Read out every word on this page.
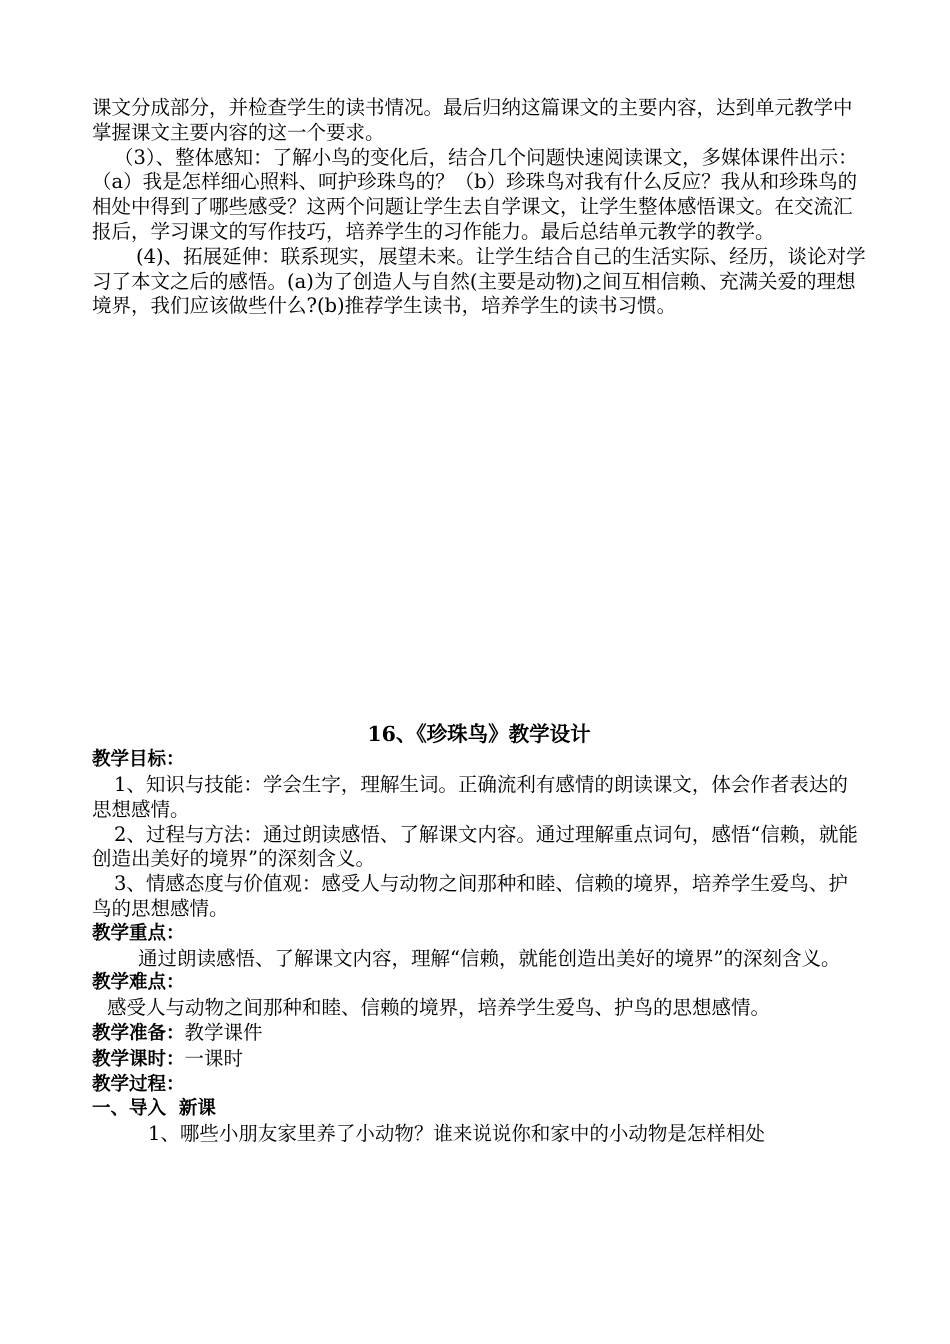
课文分成部分，并检查学生的读书情况。最后归纳这篇课文的主要内容，达到单元教学中掌握课文主要内容的这一个要求。

（3）、整体感知：了解小鸟的变化后，结合几个问题快速阅读课文，多媒体课件出示：（a）我是怎样细心照料、呵护珍珠鸟的？（b）珍珠鸟对我有什么反应？我从和珍珠鸟的相处中得到了哪些感受？这两个问题让学生去自学课文，让学生整体感悟课文。在交流汇报后，学习课文的写作技巧，培养学生的习作能力。最后总结单元教学的教学。

(4)、拓展延伸：联系现实，展望未来。让学生结合自己的生活实际、经历，谈论对学习了本文之后的感悟。(a)为了创造人与自然(主要是动物)之间互相信赖、充满关爱的理想境界，我们应该做些什么?(b)推荐学生读书，培养学生的读书习惯。

16、《珍珠鸟》教学设计

教学目标：

1、知识与技能：学会生字，理解生词。正确流利有感情的朗读课文，体会作者表达的思想感情。

2、过程与方法：通过朗读感悟、了解课文内容。通过理解重点词句，感悟“信赖，就能创造出美好的境界”的深刻含义。

3、情感态度与价值观：感受人与动物之间那种和睦、信赖的境界，培养学生爱鸟、护鸟的思想感情。

教学重点：

通过朗读感悟、了解课文内容，理解“信赖，就能创造出美好的境界”的深刻含义。

教学难点：

感受人与动物之间那种和睦、信赖的境界，培养学生爱鸟、护鸟的思想感情。

教学准备：教学课件

教学课时：一课时

教学过程：

一、导入  新课

1、哪些小朋友家里养了小动物？谁来说说你和家中的小动物是怎样相处
